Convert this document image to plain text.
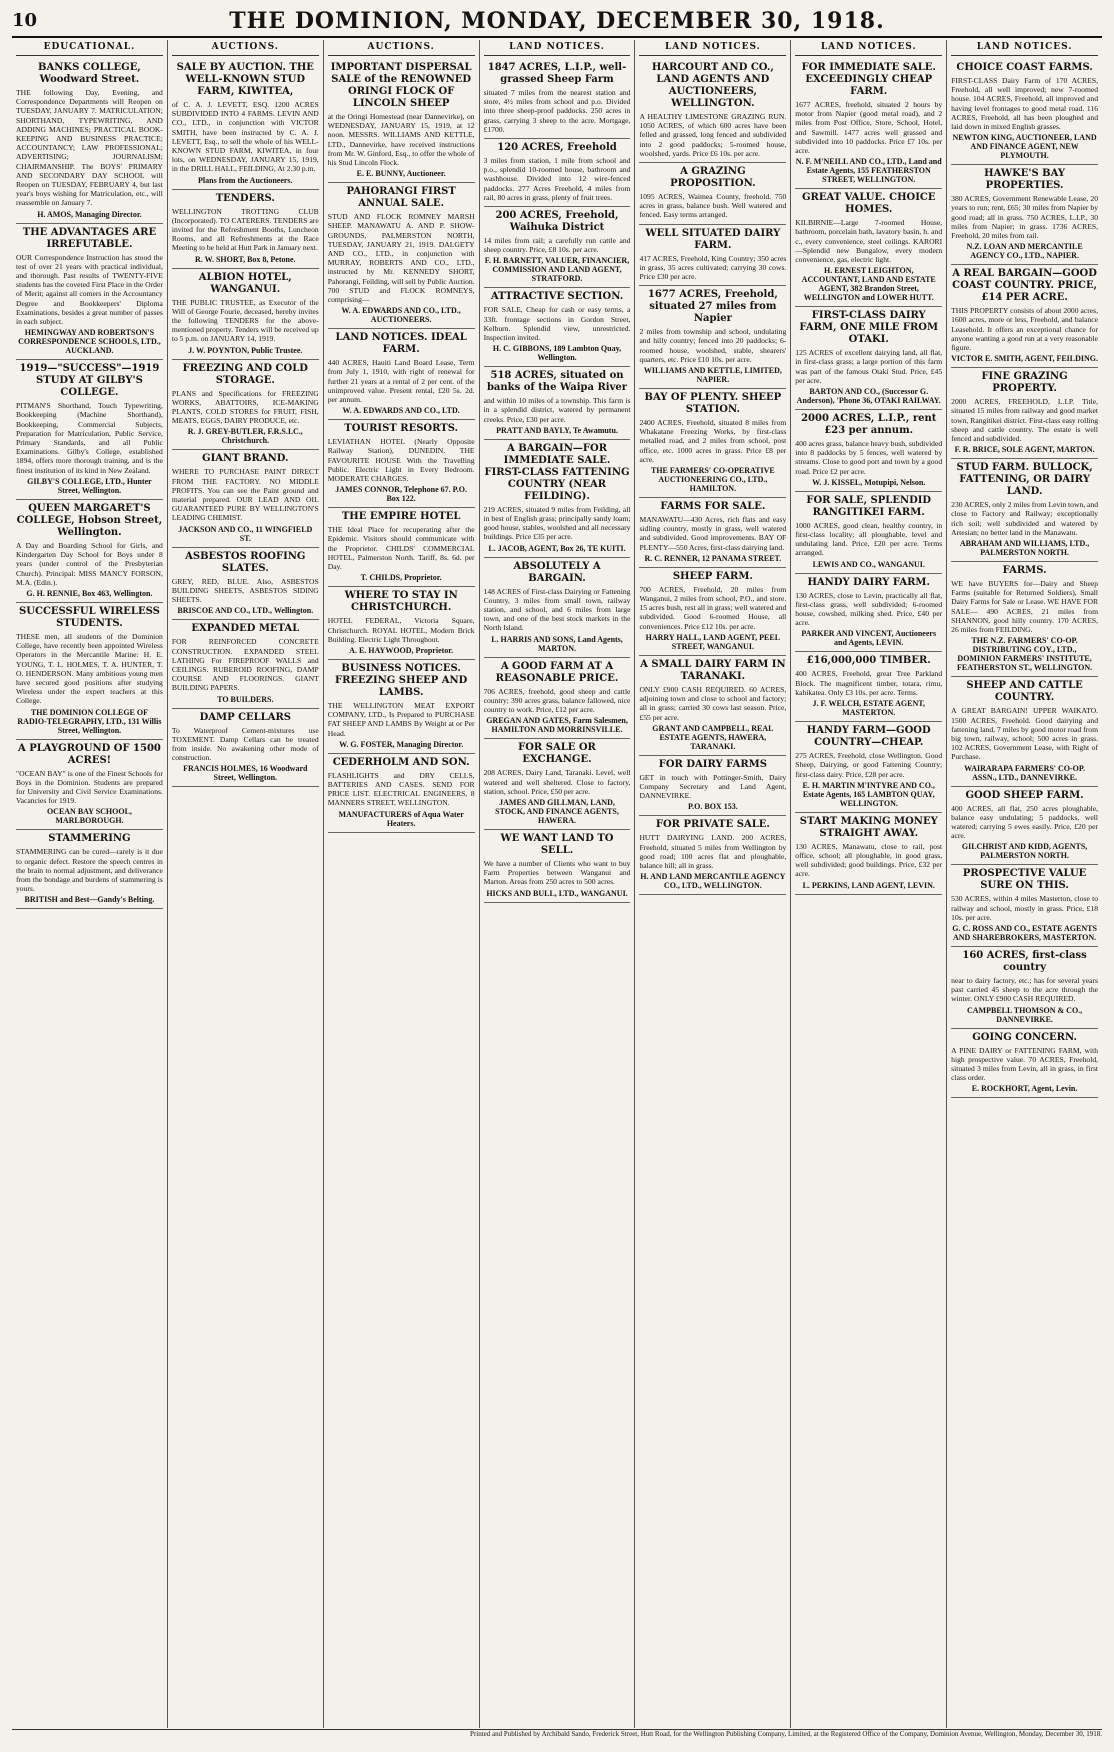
10	THE DOMINION, MONDAY, DECEMBER 30, 1918.
EDUCATIONAL.
BANKS COLLEGE, Woodward Street.
THE following Day, Evening, and Correspondence Departments will Reopen on TUESDAY, JANUARY 7. MATRICULATION; SHORTHAND, TYPEWRITING, AND ADDING MACHINES; PRACTICAL BOOK-KEEPING AND BUSINESS PRACTICE; ACCOUNTANCY; LAW PROFESSIONAL; ADVERTISING; JOURNALISM; CHAIRMANSHIP. The BOYS' PRIMARY AND SECONDARY DAY SCHOOL will Reopen on TUESDAY, FEBRUARY 4, but last year's boys wishing for Matriculation, etc., will reassemble on January 7.
H. AMOS, Managing Director.
THE ADVANTAGES ARE IRREFUTABLE.
OUR Correspondence Instruction has stood the test of over 21 years with practical individual, and thorough. Past results of TWENTY-FIVE students has the coveted First Place in the Order of Merit; against all comers in the Accountancy Degree and Bookkeepers' Diploma Examinations, besides a great number of passes in each subject.
HEMINGWAY AND ROBERTSON'S CORRESPONDENCE SCHOOLS, LTD., AUCKLAND.
1919—"SUCCESS"—1919 STUDY AT GILBY'S COLLEGE.
PITMAN'S Shorthand, Touch Typewriting, Bookkeeping (Machine Shorthand), Bookkeeping, Commercial Subjects, Preparation for Matriculation, Public Service, Primary Standards, and all Public Examinations. Gilby's College, established 1894, offers more thorough training, and is the finest institution of its kind in New Zealand.
GILBY'S COLLEGE, LTD., Hunter Street, Wellington.
QUEEN MARGARET'S COLLEGE, Hobson Street, Wellington.
A Day and Boarding School for Girls, and Kindergarten Day School for Boys under 8 years (under control of the Presbyterian Church). Principal: MISS MANCY FORSON, M.A. (Edin.).
G. H. RENNIE, Box 463, Wellington.
SUCCESSFUL WIRELESS STUDENTS.
THESE men, all students of the Dominion College, have recently been appointed Wireless Operators in the Mercantile Marine: H. E. YOUNG, T. L. HOLMES, T. A. HUNTER, T. O. HENDERSON. Many ambitious young men have secured good positions after studying Wireless under the expert teachers at this College.
THE DOMINION COLLEGE OF RADIO-TELEGRAPHY, LTD., 131 Willis Street, Wellington.
A PLAYGROUND OF 1500 ACRES!
"OCEAN BAY" is one of the Finest Schools for Boys in the Dominion. Students are prepared for University and Civil Service Examinations. Vacancies for 1919.
OCEAN BAY SCHOOL, MARLBOROUGH.
STAMMERING
STAMMERING can be cured—rarely is it due to organic defect. Restore the speech centres in the brain to normal adjustment, and deliverance from the bondage and burdens of stammering is yours.
BRITISH and Best—Gandy's Belting.
AUCTIONS.
SALE BY AUCTION. THE WELL-KNOWN STUD FARM, KIWITEA,
of C. A. J. LEVETT, ESQ. 1200 ACRES SUBDIVIDED INTO 4 FARMS. LEVIN AND CO., LTD., in conjunction with VICTOR SMITH, have been instructed by C. A. J. LEVETT, Esq., to sell the whole of his WELL-KNOWN STUD FARM, KIWITEA, in four lots, on WEDNESDAY, JANUARY 15, 1919, in the DRILL HALL, FEILDING, At 2.30 p.m.
Plans from the Auctioneers.
TENDERS.
WELLINGTON TROTTING CLUB (Incorporated). TO CATERERS. TENDERS are invited for the Refreshment Booths, Luncheon Rooms, and all Refreshments at the Race Meeting to be held at Hutt Park in January next.
R. W. SHORT, Box 8, Petone.
ALBION HOTEL, WANGANUI.
THE PUBLIC TRUSTEE, as Executor of the Will of George Fourie, deceased, hereby invites the following TENDERS for the above-mentioned property. Tenders will be received up to 5 p.m. on JANUARY 14, 1919.
J. W. POYNTON, Public Trustee.
FREEZING AND COLD STORAGE.
PLANS and Specifications for FREEZING WORKS, ABATTOIRS, ICE-MAKING PLANTS, COLD STORES for FRUIT, FISH, MEATS, EGGS, DAIRY PRODUCE, etc.
R. J. GREY-BUTLER, F.R.S.I.C., Christchurch.
GIANT BRAND.
WHERE TO PURCHASE PAINT DIRECT FROM THE FACTORY. NO MIDDLE PROFITS. You can see the Paint ground and material prepared. OUR LEAD AND OIL GUARANTEED PURE BY WELLINGTON'S LEADING CHEMIST.
JACKSON AND CO., 11 WINGFIELD ST.
ASBESTOS ROOFING SLATES.
GREY, RED, BLUE. Also, ASBESTOS BUILDING SHEETS, ASBESTOS SIDING SHEETS.
BRISCOE AND CO., LTD., Wellington.
EXPANDED METAL
FOR REINFORCED CONCRETE CONSTRUCTION. EXPANDED STEEL LATHING For FIREPROOF WALLS and CEILINGS. RUBEROID ROOFING, DAMP COURSE AND FLOORINGS. GIANT BUILDING PAPERS.
TO BUILDERS.
DAMP CELLARS
To Waterproof Cement-mixtures use TOXEMENT. Damp Cellars can be treated from inside. No awakening other mode of construction.
FRANCIS HOLMES, 16 Woodward Street, Wellington.
AUCTIONS.
IMPORTANT DISPERSAL SALE of the RENOWNED ORINGI FLOCK OF LINCOLN SHEEP
at the Oringi Homestead (near Dannevirke), on WEDNESDAY, JANUARY 15, 1919, at 12 noon. MESSRS. WILLIAMS AND KETTLE, LTD., Dannevirke, have received instructions from Mr. W. Ginford, Esq., to offer the whole of his Stud Lincoln Flock.
E. E. BUNNY, Auctioneer.
PAHORANGI FIRST ANNUAL SALE.
STUD AND FLOCK ROMNEY MARSH SHEEP. MANAWATU A. AND P. SHOW-GROUNDS, PALMERSTON NORTH, TUESDAY, JANUARY 21, 1919. DALGETY AND CO., LTD., in conjunction with MURRAY, ROBERTS AND CO., LTD., instructed by Mr. KENNEDY SHORT, Pahorangi, Feilding, will sell by Public Auction. 700 STUD and FLOCK ROMNEYS, comprising—
W. A. EDWARDS AND CO., LTD., AUCTIONEERS.
LAND NOTICES. IDEAL FARM.
440 ACRES, Hauiti Land Board Lease, Term from July 1, 1910, with right of renewal for further 21 years at a rental of 2 per cent. of the unimproved value. Present rental, £20 5s. 2d. per annum.
W. A. EDWARDS AND CO., LTD.
TOURIST RESORTS.
LEVIATHAN HOTEL (Nearly Opposite Railway Station), DUNEDIN. THE FAVOURITE HOUSE With the Travelling Public. Electric Light in Every Bedroom. MODERATE CHARGES.
JAMES CONNOR, Telephone 67. P.O. Box 122.
THE EMPIRE HOTEL
THE Ideal Place for recuperating after the Epidemic. Visitors should communicate with the Proprietor. CHILDS' COMMERCIAL HOTEL, Palmerston North. Tariff, 8s. 6d. per Day.
T. CHILDS, Proprietor.
WHERE TO STAY IN CHRISTCHURCH.
HOTEL FEDERAL, Victoria Square, Christchurch. ROYAL HOTEL, Modern Brick Building. Electric Light Throughout.
A. E. HAYWOOD, Proprietor.
BUSINESS NOTICES. FREEZING SHEEP AND LAMBS.
THE WELLINGTON MEAT EXPORT COMPANY, LTD., Is Prepared to PURCHASE FAT SHEEP AND LAMBS By Weight at or Per Head.
W. G. FOSTER, Managing Director.
CEDERHOLM AND SON.
FLASHLIGHTS and DRY CELLS, BATTERIES AND CASES. SEND FOR PRICE LIST. ELECTRICAL ENGINEERS, 8 MANNERS STREET, WELLINGTON.
MANUFACTURERS of Aqua Water Heaters.
LAND NOTICES.
1847 ACRES, L.I.P., well-grassed Sheep Farm
situated 7 miles from the nearest station and store, 4½ miles from school and p.o. Divided into three sheep-proof paddocks. 250 acres in grass, carrying 3 sheep to the acre. Mortgage, £1700.
120 ACRES, Freehold
3 miles from station, 1 mile from school and p.o., splendid 10-roomed house, bathroom and washhouse. Divided into 12 wire-fenced paddocks. 277 Acres Freehold, 4 miles from rail, 80 acres in grass, plenty of fruit trees.
200 ACRES, Freehold, Waihuka District
14 miles from rail; a carefully run cattle and sheep country. Price, £8 10s. per acre.
F. H. BARNETT, VALUER, FINANCIER, COMMISSION AND LAND AGENT, STRATFORD.
ATTRACTIVE SECTION.
FOR SALE, Cheap for cash or easy terms, a 33ft. frontage sections in Gordon Street, Kelburn. Splendid view, unrestricted. Inspection invited.
H. C. GIBBONS, 189 Lambton Quay, Wellington.
518 ACRES, situated on banks of the Waipa River
and within 10 miles of a township. This farm is in a splendid district, watered by permanent creeks. Price, £30 per acre.
PRATT AND BAYLY, Te Awamutu.
A BARGAIN—FOR IMMEDIATE SALE. FIRST-CLASS FATTENING COUNTRY (NEAR FEILDING).
219 ACRES, situated 9 miles from Feilding, all in best of English grass; principally sandy loam; good house, stables, woolshed and all necessary buildings. Price £35 per acre.
L. JACOB, AGENT, Box 26, TE KUITI.
ABSOLUTELY A BARGAIN.
148 ACRES of First-class Dairying or Fattening Country, 3 miles from small town, railway station, and school, and 6 miles from large town, and one of the best stock markets in the North Island.
L. HARRIS AND SONS, Land Agents, MARTON.
A GOOD FARM AT A REASONABLE PRICE.
706 ACRES, freehold, good sheep and cattle country; 390 acres grass, balance fallowed, nice country to work. Price, £12 per acre.
GREGAN AND GATES, Farm Salesmen, HAMILTON AND MORRINSVILLE.
FOR SALE OR EXCHANGE.
208 ACRES, Dairy Land, Taranaki. Level, well watered and well sheltered. Close to factory, station, school. Price, £50 per acre.
JAMES AND GILLMAN, LAND, STOCK, AND FINANCE AGENTS, HAWERA.
WE WANT LAND TO SELL.
We have a number of Clients who want to buy Farm Properties between Wanganui and Marton. Areas from 250 acres to 500 acres.
HICKS AND BULL, LTD., WANGANUI.
LAND NOTICES.
HARCOURT AND CO., LAND AGENTS AND AUCTIONEERS, WELLINGTON.
A HEALTHY LIMESTONE GRAZING RUN. 1050 ACRES, of which 600 acres have been felled and grassed, long fenced and subdivided into 2 good paddocks; 5-roomed house, woolshed, yards. Price £6 10s. per acre.
A GRAZING PROPOSITION.
1095 ACRES, Waimea County, freehold. 750 acres in grass, balance bush. Well watered and fenced. Easy terms arranged.
WELL SITUATED DAIRY FARM.
417 ACRES, Freehold, King Country; 350 acres in grass, 35 acres cultivated; carrying 30 cows. Price £30 per acre.
1677 ACRES, Freehold, situated 27 miles from Napier
2 miles from township and school, undulating and hilly country; fenced into 20 paddocks; 6-roomed house, woolshed, stable, shearers' quarters, etc. Price £10 10s. per acre.
WILLIAMS AND KETTLE, LIMITED, NAPIER.
BAY OF PLENTY. SHEEP STATION.
2400 ACRES, Freehold, situated 8 miles from Whakatane Freezing Works, by first-class metalled road, and 2 miles from school, post office, etc. 1000 acres in grass. Price £8 per acre.
THE FARMERS' CO-OPERATIVE AUCTIONEERING CO., LTD., HAMILTON.
FARMS FOR SALE.
MANAWATU—430 Acres, rich flats and easy sidling country, mostly in grass, well watered and subdivided. Good improvements. BAY OF PLENTY—550 Acres, first-class dairying land.
R. C. RENNER, 12 PANAMA STREET.
SHEEP FARM.
700 ACRES, Freehold, 20 miles from Wanganui, 2 miles from school, P.O., and store. 15 acres bush, rest all in grass; well watered and subdivided. Good 6-roomed House, all conveniences. Price £12 10s. per acre.
HARRY HALL, LAND AGENT, PEEL STREET, WANGANUI.
A SMALL DAIRY FARM IN TARANAKI.
ONLY £900 CASH REQUIRED. 60 ACRES, adjoining town and close to school and factory; all in grass; carried 30 cows last season. Price, £55 per acre.
GRANT AND CAMPBELL, REAL ESTATE AGENTS, HAWERA, TARANAKI.
FOR DAIRY FARMS
GET in touch with Pottinger-Smith, Dairy Company Secretary and Land Agent, DANNEVIRKE.
P.O. BOX 153.
FOR PRIVATE SALE.
HUTT DAIRYING LAND. 200 ACRES, Freehold, situated 5 miles from Wellington by good road; 100 acres flat and ploughable, balance hill; all in grass.
H. AND LAND MERCANTILE AGENCY CO., LTD., WELLINGTON.
LAND NOTICES.
FOR IMMEDIATE SALE. EXCEEDINGLY CHEAP FARM.
1677 ACRES, freehold, situated 2 hours by motor from Napier (good metal road), and 2 miles from Post Office, Store, School, Hotel, and Sawmill. 1477 acres well grassed and subdivided into 10 paddocks. Price £7 10s. per acre.
N. F. M'NEILL AND CO., LTD., Land and Estate Agents, 155 FEATHERSTON STREET, WELLINGTON.
GREAT VALUE. CHOICE HOMES.
KILBIRNIE—Large 7-roomed House, bathroom, porcelain bath, lavatory basin, h. and c., every convenience, steel ceilings. KARORI—Splendid new Bungalow, every modern convenience, gas, electric light.
H. ERNEST LEIGHTON, ACCOUNTANT, LAND AND ESTATE AGENT, 382 Brandon Street, WELLINGTON and LOWER HUTT.
FIRST-CLASS DAIRY FARM, ONE MILE FROM OTAKI.
125 ACRES of excellent dairying land, all flat, in first-class grass; a large portion of this farm was part of the famous Otaki Stud. Price, £45 per acre.
BARTON AND CO., (Successor G. Anderson), 'Phone 36, OTAKI RAILWAY.
2000 ACRES, L.I.P., rent £23 per annum.
400 acres grass, balance heavy bush, subdivided into 8 paddocks by 5 fences, well watered by streams. Close to good port and town by a good road. Price £2 per acre.
W. J. KISSEL, Motupipi, Nelson.
FOR SALE, SPLENDID RANGITIKEI FARM.
1000 ACRES, good clean, healthy country, in first-class locality; all ploughable, level and undulating land. Price, £20 per acre. Terms arranged.
LEWIS AND CO., WANGANUI.
HANDY DAIRY FARM.
130 ACRES, close to Levin, practically all flat, first-class grass, well subdivided; 6-roomed house, cowshed, milking shed. Price, £40 per acre.
PARKER AND VINCENT, Auctioneers and Agents, LEVIN.
£16,000,000 TIMBER.
400 ACRES, Freehold, great Tree Parkland Block. The magnificent timber, totara, rimu, kahikatea. Only £3 10s. per acre. Terms.
J. F. WELCH, ESTATE AGENT, MASTERTON.
HANDY FARM—GOOD COUNTRY—CHEAP.
275 ACRES, Freehold, close Wellington. Good Sheep, Dairying, or good Fattening Country; first-class dairy. Price, £28 per acre.
E. H. MARTIN M'INTYRE AND CO., Estate Agents, 165 LAMBTON QUAY, WELLINGTON.
START MAKING MONEY STRAIGHT AWAY.
130 ACRES, Manawatu, close to rail, post office, school; all ploughable, in good grass, well subdivided; good buildings. Price, £32 per acre.
L. PERKINS, LAND AGENT, LEVIN.
LAND NOTICES.
CHOICE COAST FARMS.
FIRST-CLASS Dairy Farm of 170 ACRES, Freehold, all well improved; new 7-roomed house. 104 ACRES, Freehold, all improved and having level frontages to good metal road. 116 ACRES, Freehold, all has been ploughed and laid down in mixed English grasses.
NEWTON KING, AUCTIONEER, LAND AND FINANCE AGENT, NEW PLYMOUTH.
HAWKE'S BAY PROPERTIES.
380 ACRES, Government Renewable Lease, 20 years to run; rent, £65; 30 miles from Napier by good road; all in grass. 750 ACRES, L.I.P., 30 miles from Napier; in grass. 1736 ACRES, Freehold, 20 miles from rail.
N.Z. LOAN AND MERCANTILE AGENCY CO., LTD., NAPIER.
A REAL BARGAIN—GOOD COAST COUNTRY. PRICE, £14 PER ACRE.
THIS PROPERTY consists of about 2000 acres, 1600 acres, more or less, Freehold, and balance Leasehold. It offers an exceptional chance for anyone wanting a good run at a very reasonable figure.
VICTOR E. SMITH, AGENT, FEILDING.
FINE GRAZING PROPERTY.
2000 ACRES, FREEHOLD, L.I.P. Title, situated 15 miles from railway and good market town, Rangitikei district. First-class easy rolling sheep and cattle country. The estate is well fenced and subdivided.
F. R. BRICE, SOLE AGENT, MARTON.
STUD FARM. BULLOCK, FATTENING, OR DAIRY LAND.
230 ACRES, only 2 miles from Levin town, and close to Factory and Railway; exceptionally rich soil; well subdivided and watered by Artesian; no better land in the Manawatu.
ABRAHAM AND WILLIAMS, LTD., PALMERSTON NORTH.
FARMS.
WE have BUYERS for—Dairy and Sheep Farms (suitable for Returned Soldiers), Small Dairy Farms for Sale or Lease. WE HAVE FOR SALE— 490 ACRES, 21 miles from SHANNON, good hilly country. 170 ACRES, 26 miles from FEILDING.
THE N.Z. FARMERS' CO-OP. DISTRIBUTING COY., LTD., DOMINION FARMERS' INSTITUTE, FEATHERSTON ST., WELLINGTON.
SHEEP AND CATTLE COUNTRY.
A GREAT BARGAIN! UPPER WAIKATO. 1500 ACRES, Freehold. Good dairying and fattening land, 7 miles by good motor road from big town, railway, school; 500 acres in grass. 102 ACRES, Government Lease, with Right of Purchase.
WAIRARAPA FARMERS' CO-OP. ASSN., LTD., DANNEVIRKE.
GOOD SHEEP FARM.
400 ACRES, all flat, 250 acres ploughable, balance easy undulating; 5 paddocks, well watered; carrying 5 ewes easily. Price, £20 per acre.
GILCHRIST AND KIDD, AGENTS, PALMERSTON NORTH.
PROSPECTIVE VALUE SURE ON THIS.
530 ACRES, within 4 miles Masterton, close to railway and school, mostly in grass. Price, £18 10s. per acre.
G. C. ROSS AND CO., ESTATE AGENTS AND SHAREBROKERS, MASTERTON.
160 ACRES, first-class country
near to dairy factory, etc.; has for several years past carried 45 sheep to the acre through the winter. ONLY £900 CASH REQUIRED.
CAMPBELL THOMSON & CO., DANNEVIRKE.
GOING CONCERN.
A PINE DAIRY or FATTENING FARM, with high prospective value. 70 ACRES, Freehold, situated 3 miles from Levin, all in grass, in first class order.
E. ROCKHORT, Agent, Levin.
Printed and Published by Archibald Sando, Frederick Street, Hutt Road, for the Wellington Publishing Company, Limited, at the Registered Office of the Company, Dominion Avenue, Wellington, Monday, December 30, 1918.
